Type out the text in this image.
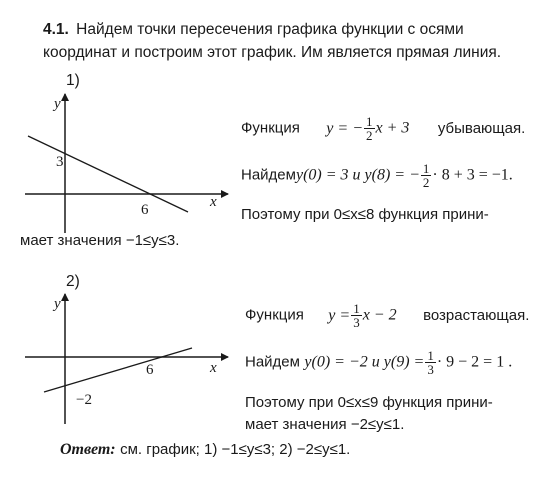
4.1. Найдем точки пересечения графика функции с осями координат и построим этот график. Им является прямая линия.
1)
y
x
3
6
Функция y = − $\frac{1}{2}$ x + 3 убывающая.
Найдемy(0) = 3 и y(8) = − $\frac{1}{2} \cdot 8 + 3 = -1$.
Поэтому при 0≤x≤8 функция прини-
мает значения −1≤y≤3.
2)
y
x
−2
6
Функция $y = \frac{1}{3}$ x − 2 возрастающая.
Найдем y(0) = −2 и $y(9) = \frac{1}{3} \cdot 9 - 2 = 1$ .
Поэтому при 0≤x≤9 функция прини-
мает значения −2≤y≤1.
Ответ: см. график; 1) −1≤y≤3; 2) −2≤y≤1.
